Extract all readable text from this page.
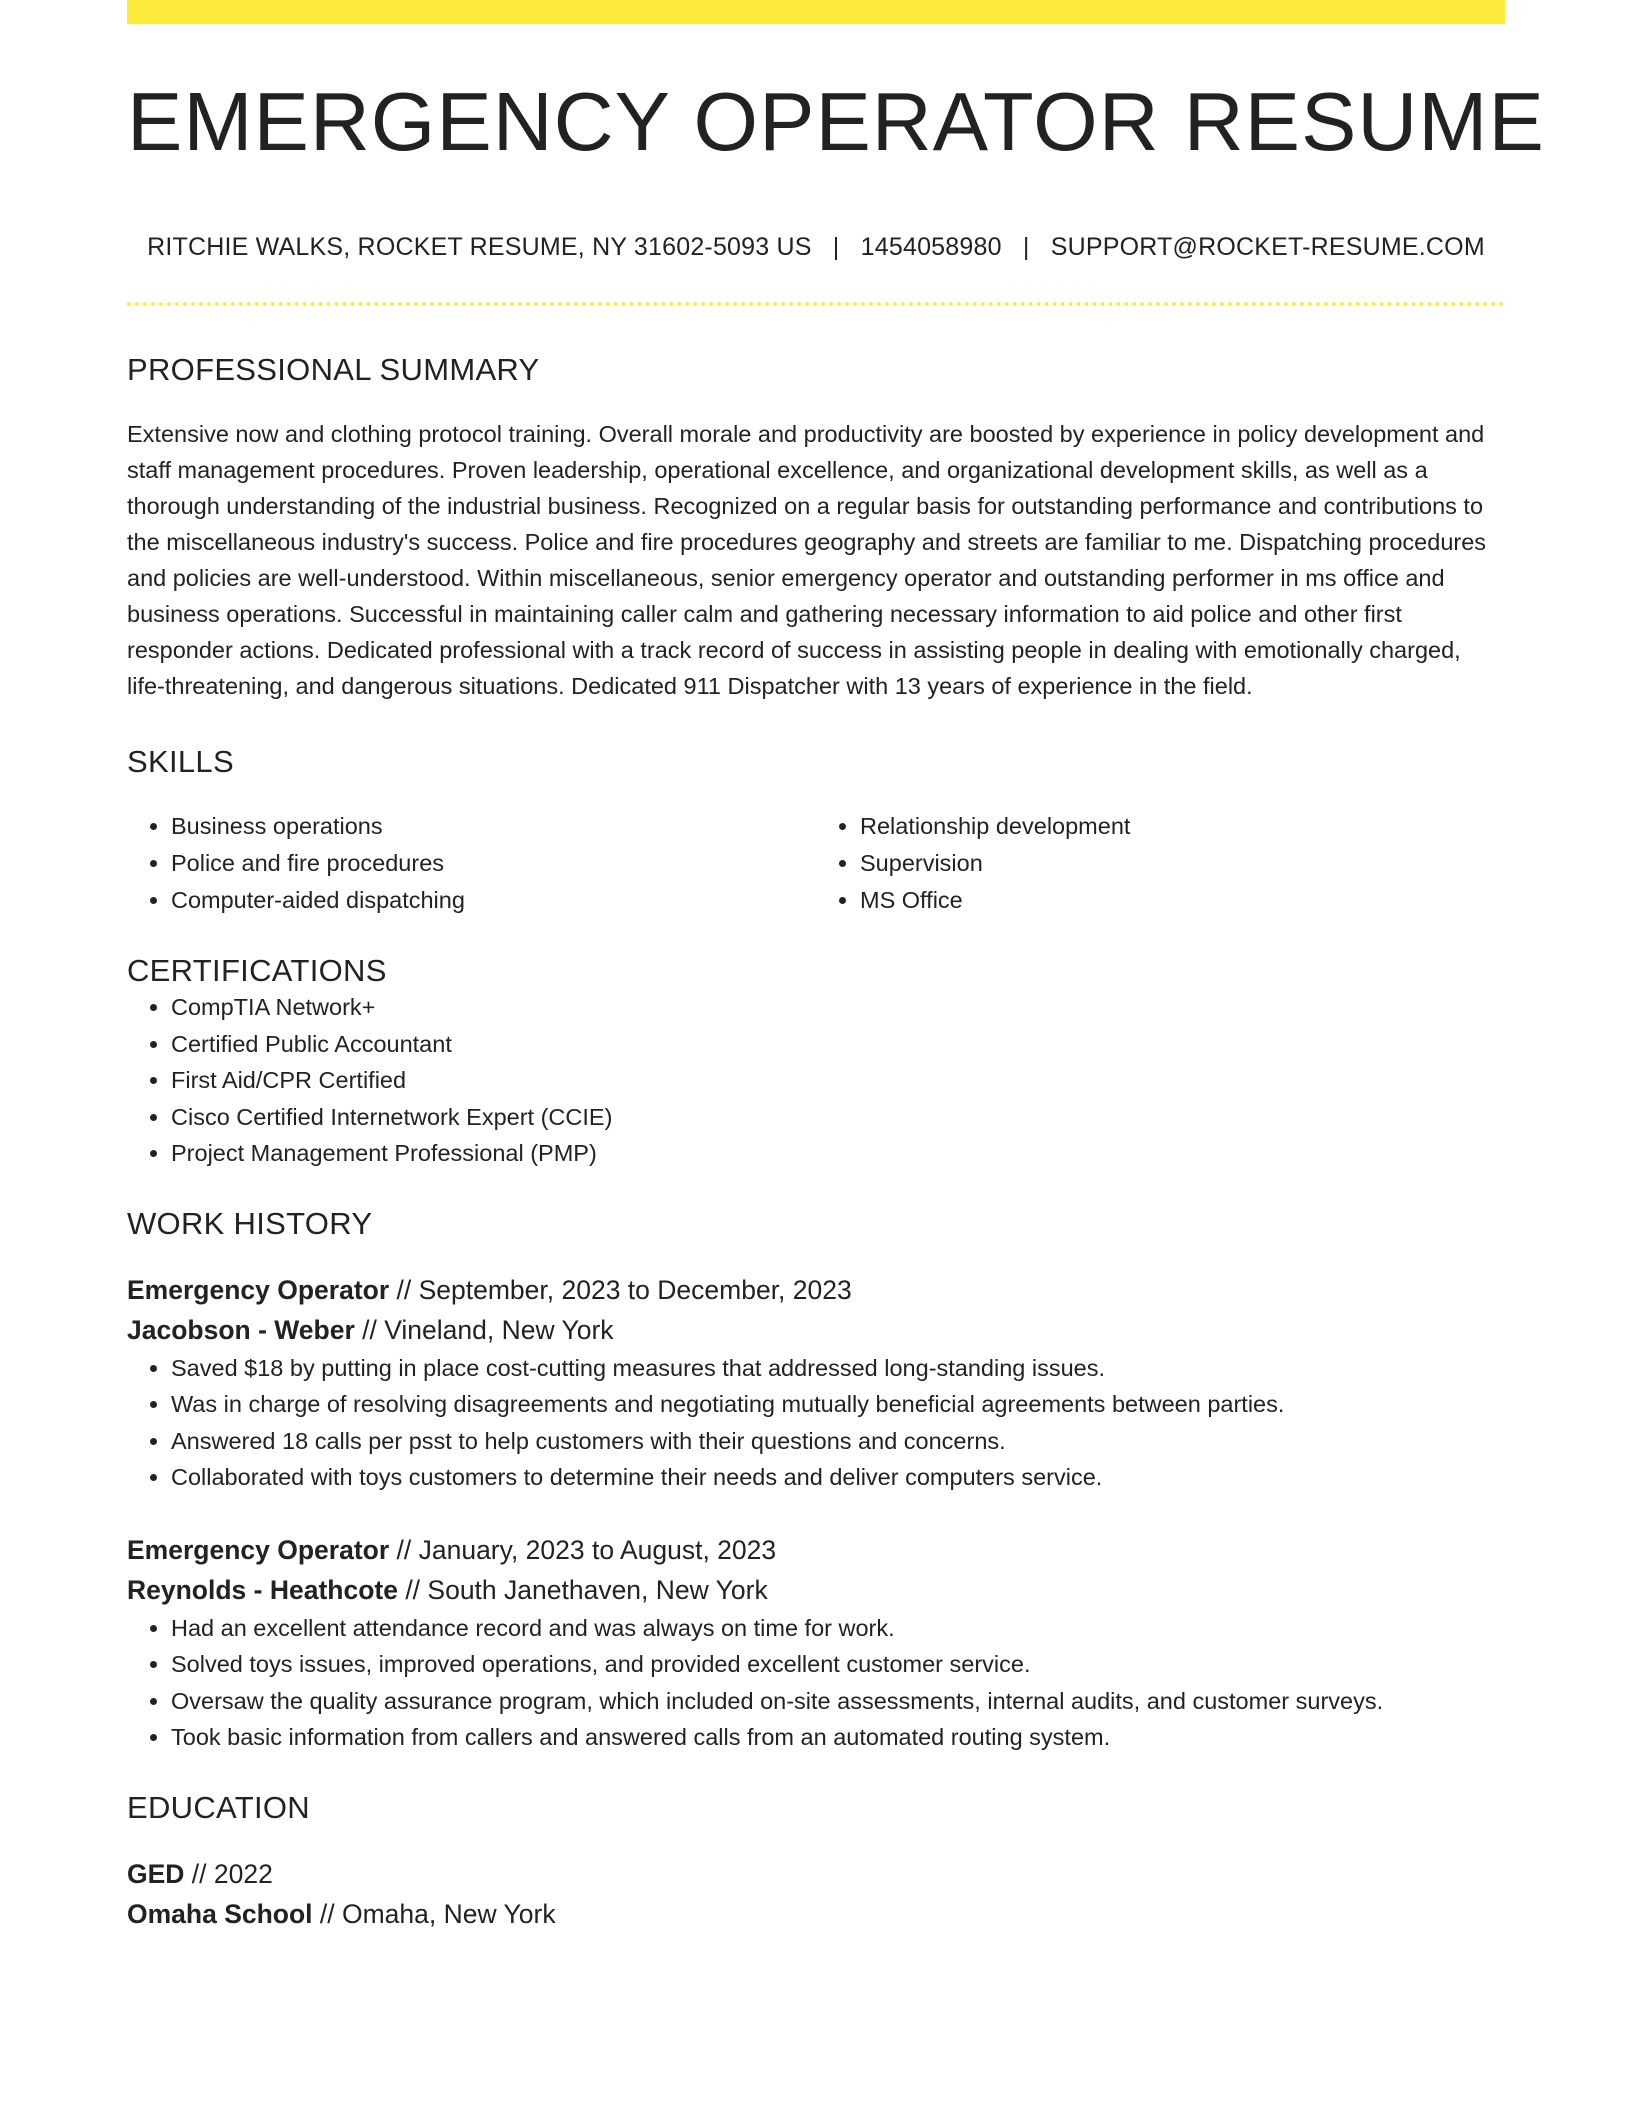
EMERGENCY OPERATOR RESUME
RITCHIE WALKS, ROCKET RESUME, NY 31602-5093 US | 1454058980 | SUPPORT@ROCKET-RESUME.COM
PROFESSIONAL SUMMARY
Extensive now and clothing protocol training. Overall morale and productivity are boosted by experience in policy development and staff management procedures. Proven leadership, operational excellence, and organizational development skills, as well as a thorough understanding of the industrial business. Recognized on a regular basis for outstanding performance and contributions to the miscellaneous industry's success. Police and fire procedures geography and streets are familiar to me. Dispatching procedures and policies are well-understood. Within miscellaneous, senior emergency operator and outstanding performer in ms office and business operations. Successful in maintaining caller calm and gathering necessary information to aid police and other first responder actions. Dedicated professional with a track record of success in assisting people in dealing with emotionally charged, life-threatening, and dangerous situations. Dedicated 911 Dispatcher with 13 years of experience in the field.
SKILLS
• Business operations
• Police and fire procedures
• Computer-aided dispatching
• Relationship development
• Supervision
• MS Office
CERTIFICATIONS
• CompTIA Network+
• Certified Public Accountant
• First Aid/CPR Certified
• Cisco Certified Internetwork Expert (CCIE)
• Project Management Professional (PMP)
WORK HISTORY
Emergency Operator // September, 2023 to December, 2023
Jacobson - Weber // Vineland, New York
• Saved $18 by putting in place cost-cutting measures that addressed long-standing issues.
• Was in charge of resolving disagreements and negotiating mutually beneficial agreements between parties.
• Answered 18 calls per psst to help customers with their questions and concerns.
• Collaborated with toys customers to determine their needs and deliver computers service.
Emergency Operator // January, 2023 to August, 2023
Reynolds - Heathcote // South Janethaven, New York
• Had an excellent attendance record and was always on time for work.
• Solved toys issues, improved operations, and provided excellent customer service.
• Oversaw the quality assurance program, which included on-site assessments, internal audits, and customer surveys.
• Took basic information from callers and answered calls from an automated routing system.
EDUCATION
GED // 2022
Omaha School // Omaha, New York
